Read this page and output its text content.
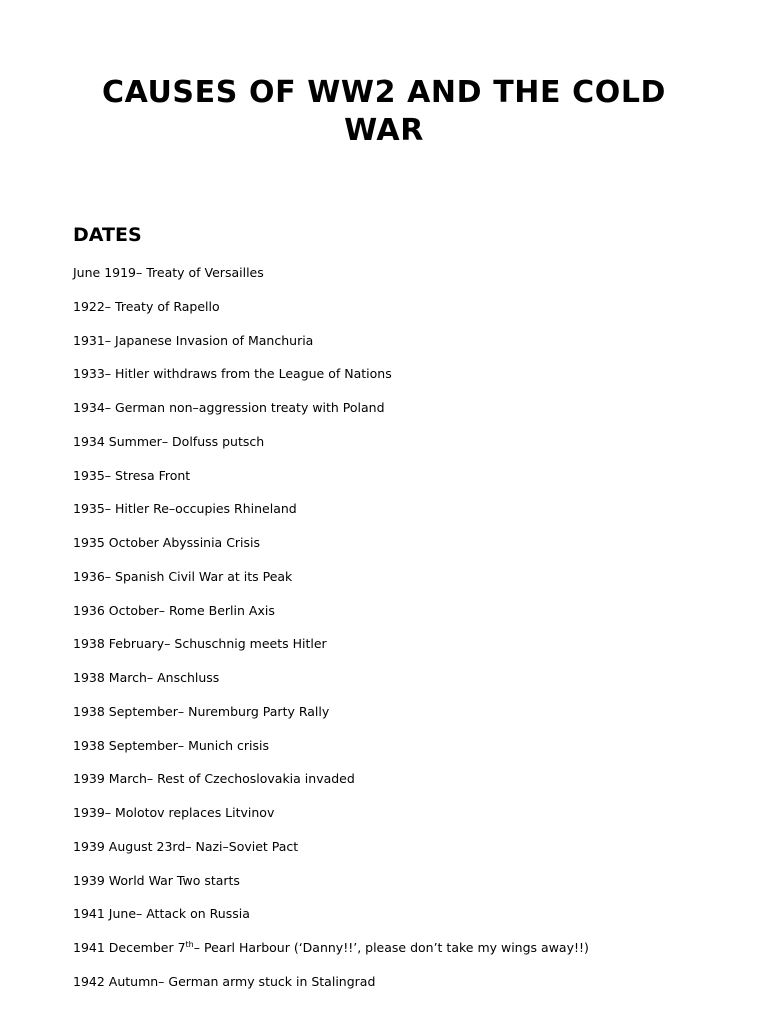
CAUSES OF WW2 AND THE COLD WAR
DATES
June 1919– Treaty of Versailles
1922– Treaty of Rapello
1931– Japanese Invasion of Manchuria
1933– Hitler withdraws from the League of Nations
1934– German non–aggression treaty with Poland
1934 Summer– Dolfuss putsch
1935– Stresa Front
1935– Hitler Re–occupies Rhineland
1935 October Abyssinia Crisis
1936– Spanish Civil War at its Peak
1936 October– Rome Berlin Axis
1938 February– Schuschnig meets Hitler
1938 March– Anschluss
1938 September– Nuremburg Party Rally
1938 September– Munich crisis
1939 March– Rest of Czechoslovakia invaded
1939– Molotov replaces Litvinov
1939 August 23rd– Nazi–Soviet Pact
1939 World War Two starts
1941 June– Attack on Russia
1941 December 7th– Pearl Harbour (‘Danny!!’, please don’t take my wings away!!)
1942 Autumn– German army stuck in Stalingrad
